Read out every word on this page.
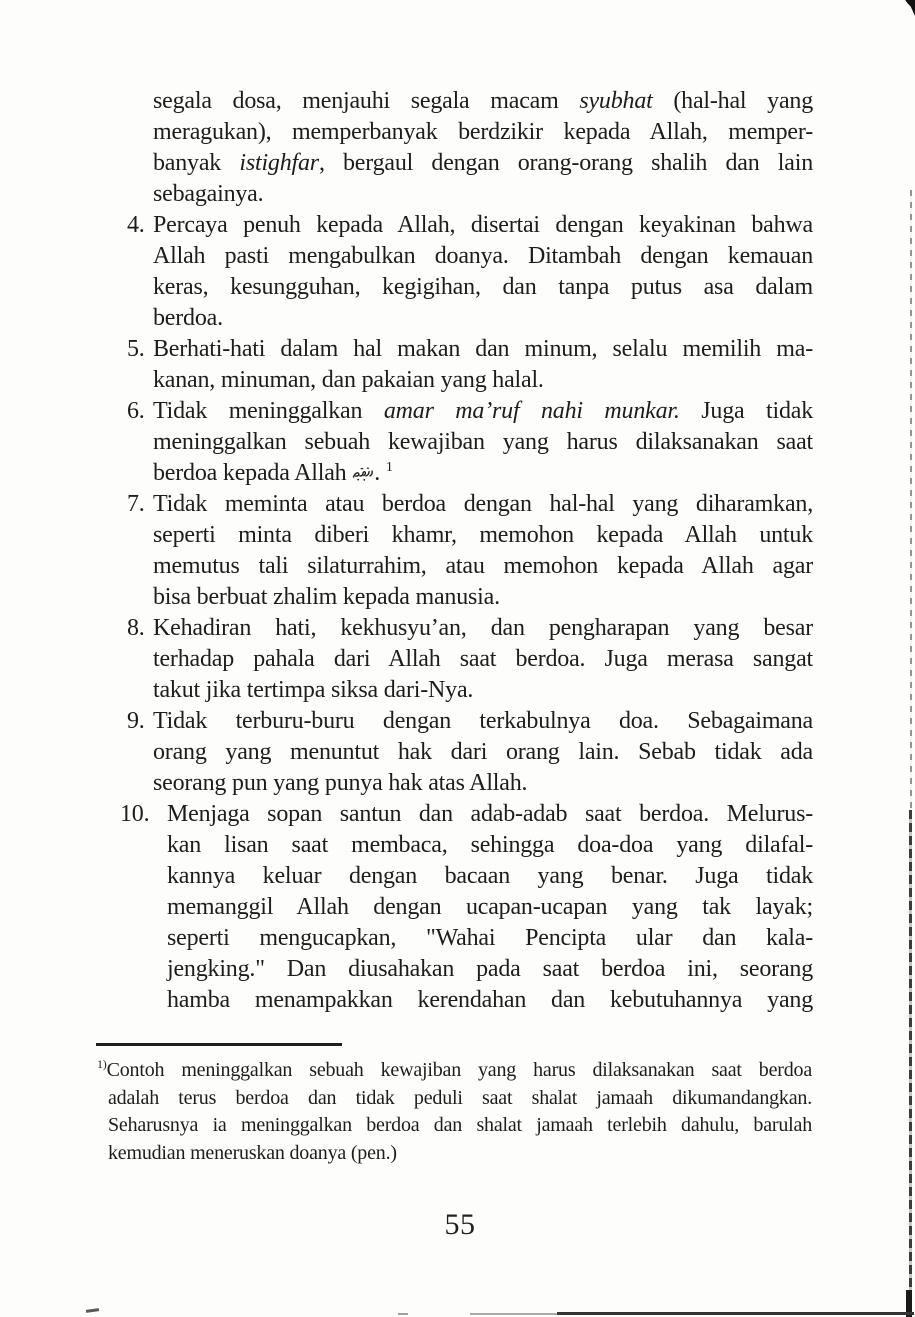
segala dosa, menjauhi segala macam syubhat (hal-hal yang
meragukan), memperbanyak berdzikir kepada Allah, memper-
banyak istighfar, bergaul dengan orang-orang shalih dan lain
sebagainya.
4. Percaya penuh kepada Allah, disertai dengan keyakinan bahwa
Allah pasti mengabulkan doanya. Ditambah dengan kemauan
keras, kesungguhan, kegigihan, dan tanpa putus asa dalam
berdoa.
5. Berhati-hati dalam hal makan dan minum, selalu memilih ma-
kanan, minuman, dan pakaian yang halal.
6. Tidak meninggalkan amar ma’ruf nahi munkar. Juga tidak
meninggalkan sebuah kewajiban yang harus dilaksanakan saat
berdoa kepada Allah . $^1$
7. Tidak meminta atau berdoa dengan hal-hal yang diharamkan,
seperti minta diberi khamr, memohon kepada Allah untuk
memutus tali silaturrahim, atau memohon kepada Allah agar
bisa berbuat zhalim kepada manusia.
8. Kehadiran hati, kekhusyu’an, dan pengharapan yang besar
terhadap pahala dari Allah saat berdoa. Juga merasa sangat
takut jika tertimpa siksa dari-Nya.
9. Tidak terburu-buru dengan terkabulnya doa. Sebagaimana
orang yang menuntut hak dari orang lain. Sebab tidak ada
seorang pun yang punya hak atas Allah.
10. Menjaga sopan santun dan adab-adab saat berdoa. Melurus-
kan lisan saat membaca, sehingga doa-doa yang dilafal-
kannya keluar dengan bacaan yang benar. Juga tidak
memanggil Allah dengan ucapan-ucapan yang tak layak;
seperti mengucapkan, "Wahai Pencipta ular dan kala-
jengking." Dan diusahakan pada saat berdoa ini, seorang
hamba menampakkan kerendahan dan kebutuhannya yang
$^{1)}$Contoh meninggalkan sebuah kewajiban yang harus dilaksanakan saat berdoa
adalah terus berdoa dan tidak peduli saat shalat jamaah dikumandangkan.
Seharusnya ia meninggalkan berdoa dan shalat jamaah terlebih dahulu, barulah
kemudian meneruskan doanya (pen.)
55
